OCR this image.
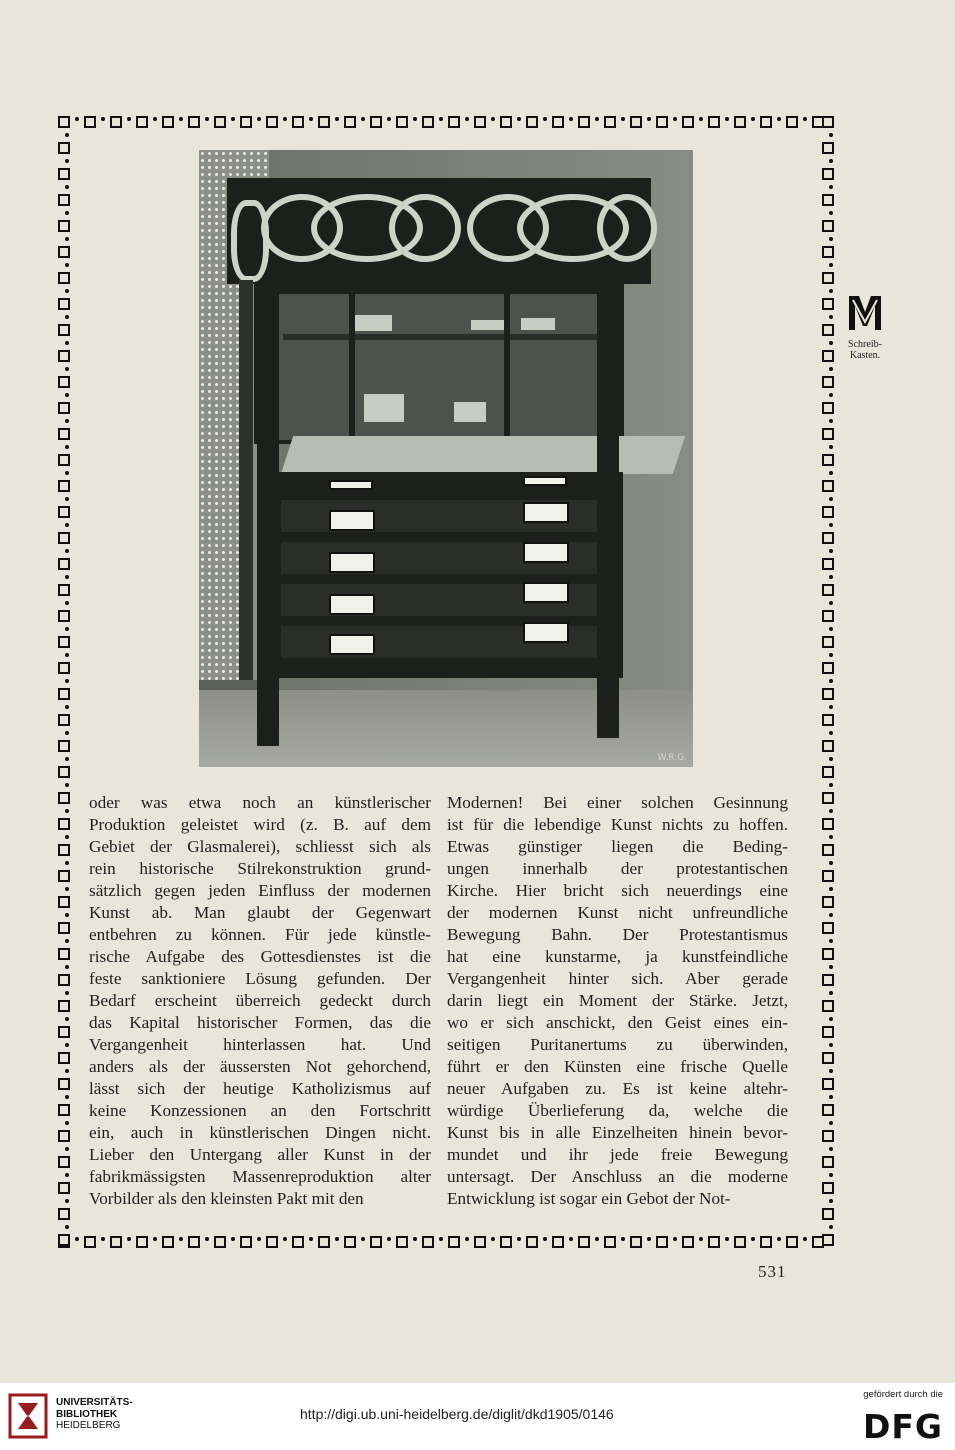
W.R.G.

oder was etwa noch an künstlerischer

Produktion geleistet wird (z. B. auf dem

Gebiet der Glasmalerei), schliesst sich als

rein historische Stilrekonstruktion grund-

sätzlich gegen jeden Einfluss der modernen

Kunst ab. Man glaubt der Gegenwart

entbehren zu können. Für jede künstle-

rische Aufgabe des Gottesdienstes ist die

feste sanktioniere Lösung gefunden. Der

Bedarf erscheint überreich gedeckt durch

das Kapital historischer Formen, das die

Vergangenheit hinterlassen hat. Und

anders als der äussersten Not gehorchend,

lässt sich der heutige Katholizismus auf

keine Konzessionen an den Fortschritt

ein, auch in künstlerischen Dingen nicht.

Lieber den Untergang aller Kunst in der

fabrikmässigsten Massenreproduktion alter

Vorbilder als den kleinsten Pakt mit den

Modernen! Bei einer solchen Gesinnung

ist für die lebendige Kunst nichts zu hoffen.

Etwas günstiger liegen die Beding-

ungen innerhalb der protestantischen

Kirche. Hier bricht sich neuerdings eine

der modernen Kunst nicht unfreundliche

Bewegung Bahn. Der Protestantismus

hat eine kunstarme, ja kunstfeindliche

Vergangenheit hinter sich. Aber gerade

darin liegt ein Moment der Stärke. Jetzt,

wo er sich anschickt, den Geist eines ein-

seitigen Puritanertums zu überwinden,

führt er den Künsten eine frische Quelle

neuer Aufgaben zu. Es ist keine altehr-

würdige Überlieferung da, welche die

Kunst bis in alle Einzelheiten hinein bevor-

mundet und ihr jede freie Bewegung

untersagt. Der Anschluss an die moderne

Entwicklung ist sogar ein Gebot der Not-

531
Schreib-
Kasten.
UNIVERSITÄTS-
BIBLIOTHEK
HEIDELBERG
http://digi.ub.uni-heidelberg.de/diglit/dkd1905/0146
gefördert durch die
DFG
